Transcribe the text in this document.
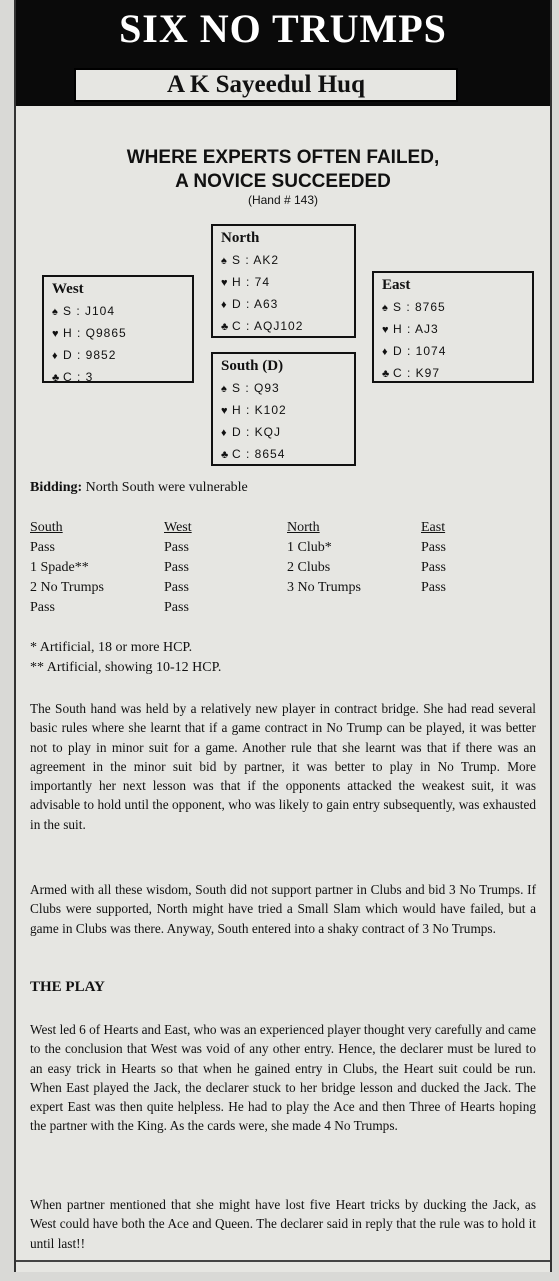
SIX NO TRUMPS
A K Sayeedul Huq
WHERE EXPERTS OFTEN FAILED,
A NOVICE SUCCEEDED
(Hand # 143)
North
♠ S : AK2
♥ H : 74
♦ D : A63
♣ C : AQJ102
West
♠ S : J104
♥ H : Q9865
♦ D : 9852
♣ C : 3
East
♠ S : 8765
♥ H : AJ3
♦ D : 1074
♣ C : K97
South (D)
♠ S : Q93
♥ H : K102
♦ D : KQJ
♣ C : 8654
Bidding: North South were vulnerable
South
Pass
1 Spade**
2 No Trumps
Pass
West
Pass
Pass
Pass
Pass
North
1 Club*
2 Clubs
3 No Trumps
East
Pass
Pass
Pass
* Artificial, 18 or more HCP.
** Artificial, showing 10-12 HCP.

The South hand was held by a relatively new player in contract bridge. She had read several basic rules where she learnt that if a game contract in No Trump can be played, it was better not to play in minor suit for a game. Another rule that she learnt was that if there was an agreement in the minor suit bid by partner, it was better to play in No Trump. More importantly her next lesson was that if the opponents attacked the weakest suit, it was advisable to hold until the opponent, who was likely to gain entry subsequently, was exhausted in the suit.

Armed with all these wisdom, South did not support partner in Clubs and bid 3 No Trumps. If Clubs were supported, North might have tried a Small Slam which would have failed, but a game in Clubs was there. Anyway, South entered into a shaky contract of 3 No Trumps.

THE PLAY

West led 6 of Hearts and East, who was an experienced player thought very carefully and came to the conclusion that West was void of any other entry. Hence, the declarer must be lured to an easy trick in Hearts so that when he gained entry in Clubs, the Heart suit could be run. When East played the Jack, the declarer stuck to her bridge lesson and ducked the Jack. The expert East was then quite helpless. He had to play the Ace and then Three of Hearts hoping the partner with the King. As the cards were, she made 4 No Trumps.

When partner mentioned that she might have lost five Heart tricks by ducking the Jack, as West could have both the Ace and Queen. The declarer said in reply that the rule was to hold it until last!!
